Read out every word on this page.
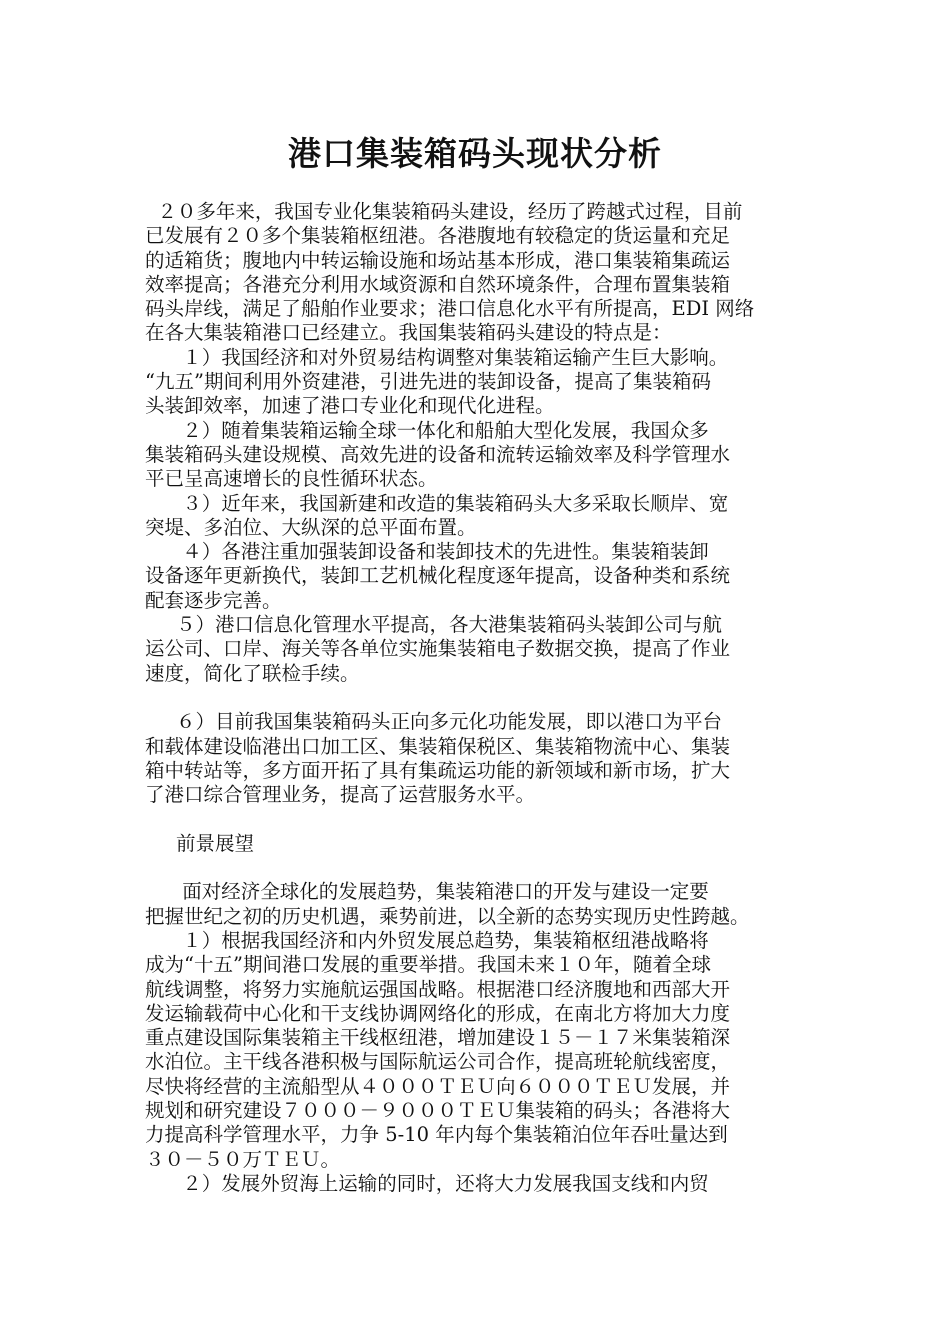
港口集装箱码头现状分析
２０多年来，我国专业化集装箱码头建设，经历了跨越式过程，目前
已发展有２０多个集装箱枢纽港。各港腹地有较稳定的货运量和充足
的适箱货；腹地内中转运输设施和场站基本形成，港口集装箱集疏运
效率提高；各港充分利用水域资源和自然环境条件，合理布置集装箱
码头岸线，满足了船舶作业要求；港口信息化水平有所提高，EDI 网络
在各大集装箱港口已经建立。我国集装箱码头建设的特点是：
１）我国经济和对外贸易结构调整对集装箱运输产生巨大影响。
“九五”期间利用外资建港，引进先进的装卸设备，提高了集装箱码
头装卸效率，加速了港口专业化和现代化进程。
２）随着集装箱运输全球一体化和船舶大型化发展，我国众多
集装箱码头建设规模、高效先进的设备和流转运输效率及科学管理水
平已呈高速增长的良性循环状态。
３）近年来，我国新建和改造的集装箱码头大多采取长顺岸、宽
突堤、多泊位、大纵深的总平面布置。
４）各港注重加强装卸设备和装卸技术的先进性。集装箱装卸
设备逐年更新换代，装卸工艺机械化程度逐年提高，设备种类和系统
配套逐步完善。
５）港口信息化管理水平提高，各大港集装箱码头装卸公司与航
运公司、口岸、海关等各单位实施集装箱电子数据交换，提高了作业
速度，简化了联检手续。
６）目前我国集装箱码头正向多元化功能发展，即以港口为平台
和载体建设临港出口加工区、集装箱保税区、集装箱物流中心、集装
箱中转站等，多方面开拓了具有集疏运功能的新领域和新市场，扩大
了港口综合管理业务，提高了运营服务水平。
前景展望
面对经济全球化的发展趋势，集装箱港口的开发与建设一定要
把握世纪之初的历史机遇，乘势前进，以全新的态势实现历史性跨越。
１）根据我国经济和内外贸发展总趋势，集装箱枢纽港战略将
成为“十五”期间港口发展的重要举措。我国未来１０年，随着全球
航线调整，将努力实施航运强国战略。根据港口经济腹地和西部大开
发运输载荷中心化和干支线协调网络化的形成，在南北方将加大力度
重点建设国际集装箱主干线枢纽港，增加建设１５－１７米集装箱深
水泊位。主干线各港积极与国际航运公司合作，提高班轮航线密度，
尽快将经营的主流船型从４０００ＴＥＵ向６０００ＴＥＵ发展，并
规划和研究建设７０００－９０００ＴＥＵ集装箱的码头；各港将大
力提高科学管理水平，力争 5-10 年内每个集装箱泊位年吞吐量达到
３０－５０万ＴＥＵ。
２）发展外贸海上运输的同时，还将大力发展我国支线和内贸
